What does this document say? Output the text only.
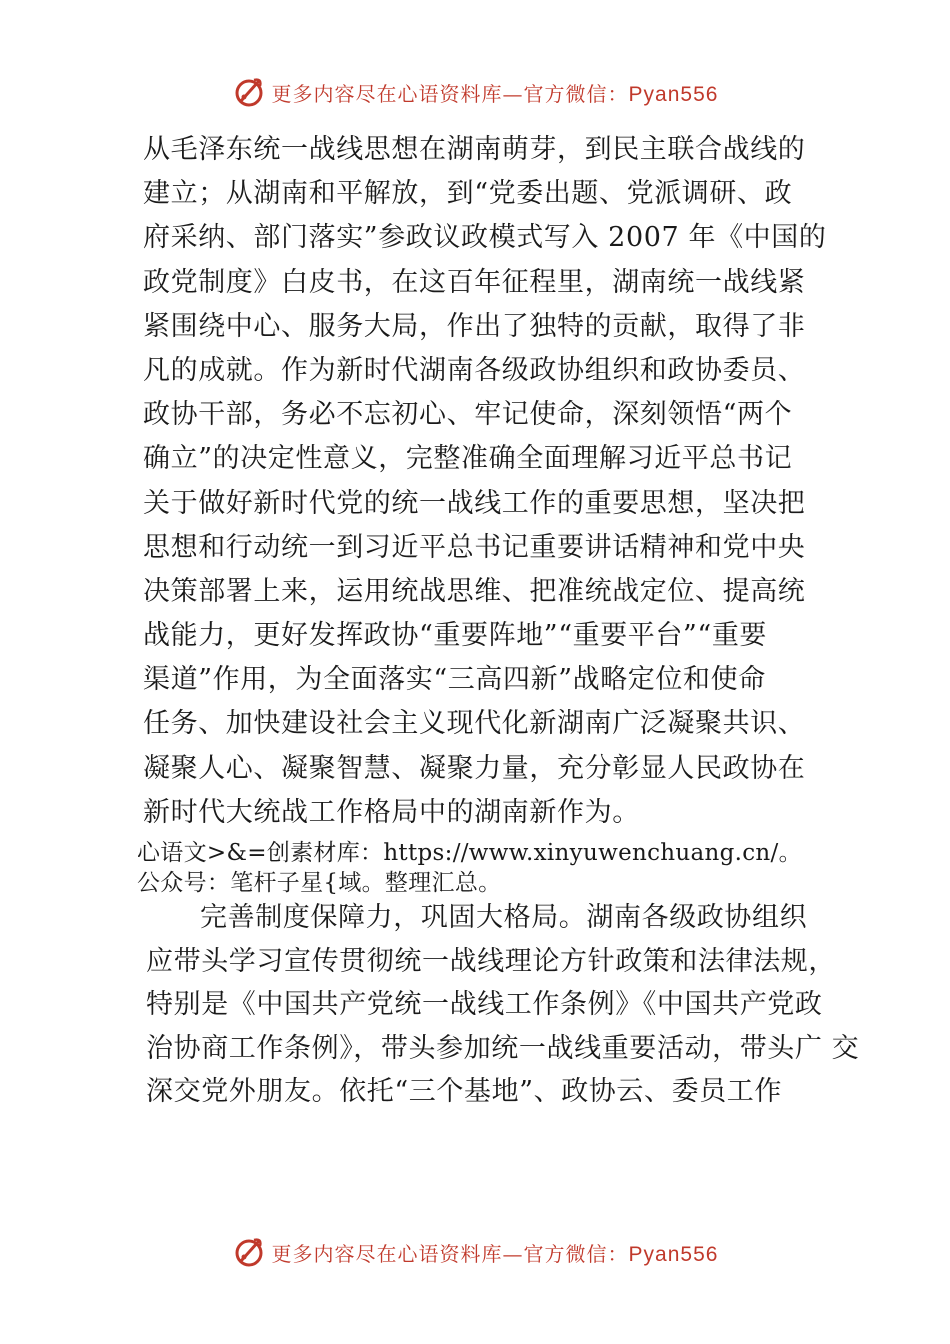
更多内容尽在心语资料库—官方微信：Pyan556
从毛泽东统一战线思想在湖南萌芽，到民主联合战线的
建立；从湖南和平解放，到“党委出题、党派调研、政
府采纳、部门落实”参政议政模式写入 2007 年《中国的
政党制度》白皮书，在这百年征程里，湖南统一战线紧
紧围绕中心、服务大局，作出了独特的贡献，取得了非
凡的成就。作为新时代湖南各级政协组织和政协委员、
政协干部，务必不忘初心、牢记使命，深刻领悟“两个
确立”的决定性意义，完整准确全面理解习近平总书记
关于做好新时代党的统一战线工作的重要思想，坚决把
思想和行动统一到习近平总书记重要讲话精神和党中央
决策部署上来，运用统战思维、把准统战定位、提高统
战能力，更好发挥政协“重要阵地”“重要平台”“重要
渠道”作用，为全面落实“三高四新”战略定位和使命
任务、加快建设社会主义现代化新湖南广泛凝聚共识、
凝聚人心、凝聚智慧、凝聚力量，充分彰显人民政协在
新时代大统战工作格局中的湖南新作为。
心语文>&=创素材库：https://www.xinyuwenchuang.cn/。
公众号：笔杆子星{域。整理汇总。
完善制度保障力，巩固大格局。湖南各级政协组织
应带头学习宣传贯彻统一战线理论方针政策和法律法规，
特别是《中国共产党统一战线工作条例》《中国共产党政
治协商工作条例》，带头参加统一战线重要活动，带头广 交
深交党外朋友。依托“三个基地”、政协云、委员工作
更多内容尽在心语资料库—官方微信：Pyan556
